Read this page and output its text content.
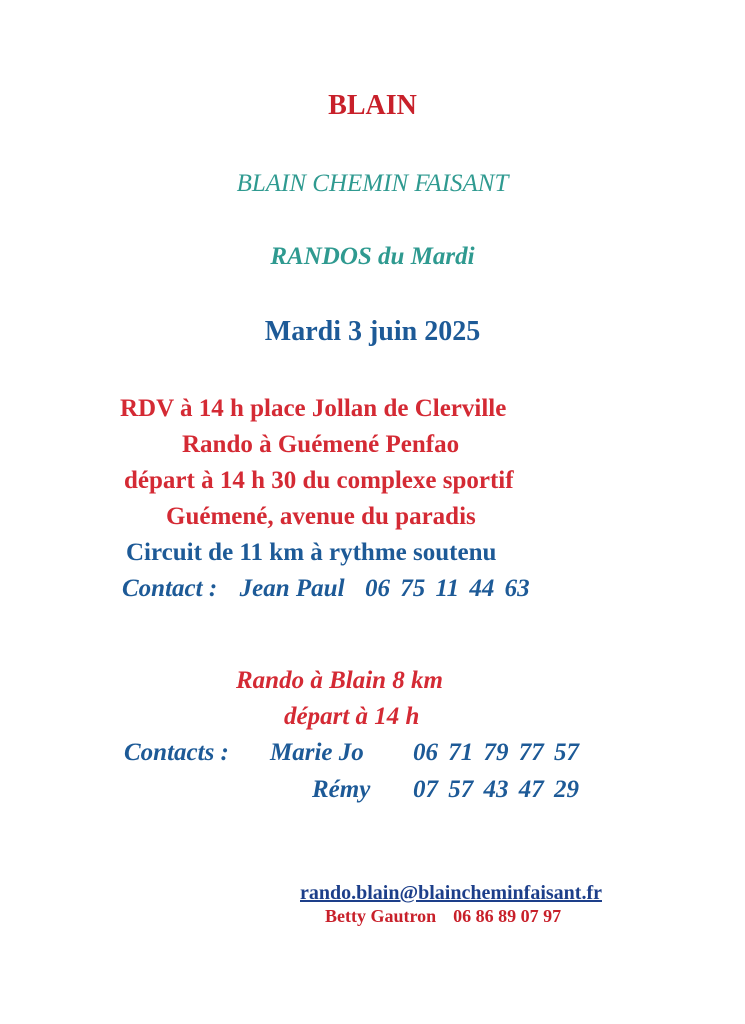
BLAIN
BLAIN CHEMIN FAISANT
RANDOS du Mardi
Mardi 3 juin 2025
RDV à 14 h place Jollan de Clerville
Rando à Guémené Penfao
départ à 14 h 30 du complexe sportif
Guémené, avenue du paradis
Circuit de 11 km à rythme soutenu
Contact : Jean Paul 06 75 11 44 63
Rando à Blain 8 km
départ à 14 h
Contacts : Marie Jo 06 71 79 77 57
Rémy 07 57 43 47 29
rando.blain@blaincheminfaisant.fr
Betty Gautron 06 86 89 07 97
